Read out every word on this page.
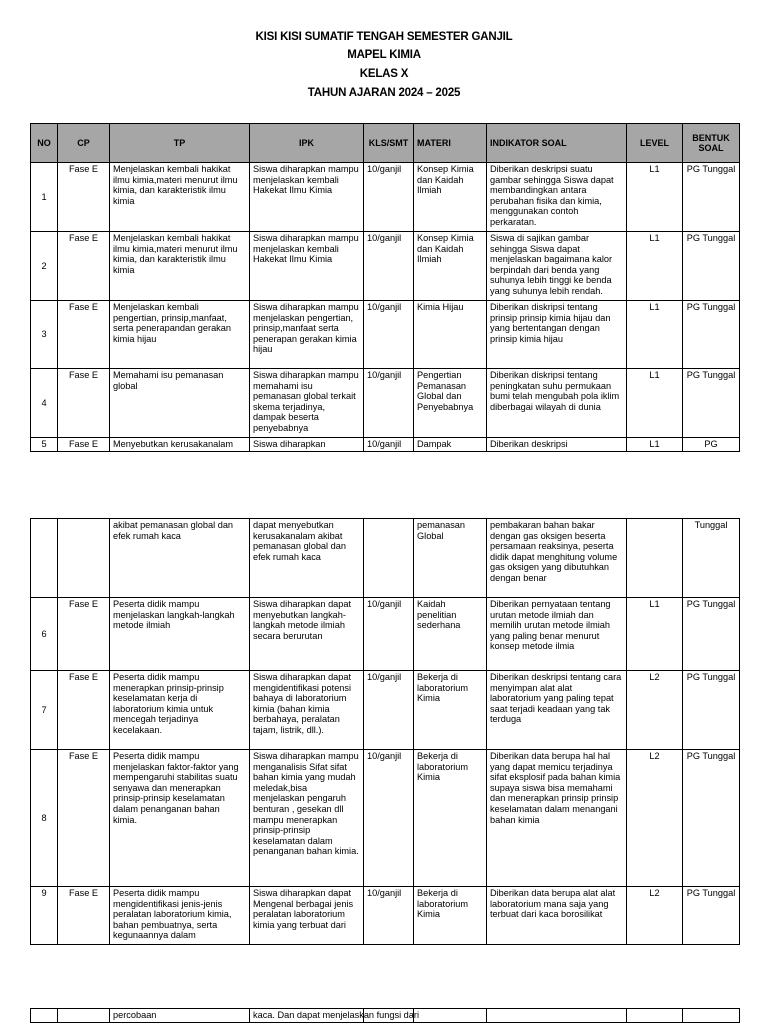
KISI KISI SUMATIF TENGAH SEMESTER GANJIL
MAPEL KIMIA
KELAS X
TAHUN AJARAN 2024 – 2025
NO	CP	TP	IPK	KLS/SMT	MATERI	INDIKATOR SOAL	LEVEL	BENTUK SOAL
1	Fase E	Menjelaskan kembali hakikat ilmu kimia,materi menurut ilmu kimia, dan karakteristik ilmu kimia	Siswa diharapkan mampu menjelaskan kembali Hakekat Ilmu Kimia	10/ganjil	Konsep Kimia dan Kaidah Ilmiah	Diberikan deskripsi suatu gambar sehingga Siswa dapat membandingkan antara perubahan fisika dan kimia, menggunakan contoh perkaratan.	L1	PG Tunggal
2	Fase E	Menjelaskan kembali hakikat ilmu kimia,materi menurut ilmu kimia, dan karakteristik ilmu kimia	Siswa diharapkan mampu menjelaskan kembali Hakekat Ilmu Kimia	10/ganjil	Konsep Kimia dan Kaidah Ilmiah	Siswa di sajikan gambar sehingga Siswa dapat menjelaskan bagaimana kalor berpindah dari benda yang suhunya lebih tinggi ke benda yang suhunya lebih rendah.	L1	PG Tunggal
3	Fase E	Menjelaskan kembali pengertian, prinsip,manfaat, serta penerapandan gerakan kimia hijau	Siswa diharapkan mampu menjelaskan pengertian, prinsip,manfaat serta penerapan gerakan kimia hijau	10/ganjil	Kimia Hijau	Diberikan diskripsi tentang prinsip prinsip kimia hijau dan yang bertentangan dengan prinsip kimia hijau	L1	PG Tunggal
4	Fase E	Memahami isu pemanasan global	Siswa diharapkan mampu memahami isu pemanasan global terkait skema terjadinya, dampak beserta penyebabnya	10/ganjil	Pengertian Pemanasan Global dan Penyebabnya	Diberikan diskripsi tentang peningkatan suhu permukaan bumi telah mengubah pola iklim diberbagai wilayah di dunia	L1	PG Tunggal
5	Fase E	Menyebutkan kerusakanalam	Siswa diharapkan	10/ganjil	Dampak	Diberikan deskripsi	L1	PG
		akibat pemanasan global dan efek rumah kaca	dapat menyebutkan kerusakanalam akibat pemanasan global dan efek rumah kaca		pemanasan Global	pembakaran bahan bakar dengan gas oksigen beserta persamaan reaksinya, peserta didik dapat menghitung volume gas oksigen yang dibutuhkan dengan benar		Tunggal
6	Fase E	Peserta didik mampu menjelaskan langkah-langkah metode ilmiah	Siswa diharapkan dapat menyebutkan langkah-langkah metode ilmiah secara berurutan	10/ganjil	Kaidah penelitian sederhana	Diberikan pernyataan tentang urutan metode ilmiah dan memilih urutan metode ilmiah yang paling benar menurut konsep metode ilmia	L1	PG Tunggal
7	Fase E	Peserta didik mampu menerapkan prinsip-prinsip keselamatan kerja di laboratorium kimia untuk mencegah terjadinya kecelakaan.	Siswa diharapkan dapat mengidentifikasi potensi bahaya di laboratorium kimia (bahan kimia berbahaya, peralatan tajam, listrik, dll.).	10/ganjil	Bekerja di laboratorium Kimia	Diberikan deskripsi tentang cara menyimpan alat alat laboratorium yang paling tepat saat terjadi keadaan yang tak terduga	L2	PG Tunggal
8	Fase E	Peserta didik mampu menjelaskan faktor-faktor yang mempengaruhi stabilitas suatu senyawa dan menerapkan prinsip-prinsip keselamatan dalam penanganan bahan kimia.	Siswa diharapkan mampu menganalisis Sifat sifat bahan kimia yang mudah meledak,bisa menjelaskan pengaruh benturan , gesekan dll mampu menerapkan prinsip-prinsip keselamatan dalam penanganan bahan kimia.	10/ganjil	Bekerja di laboratorium Kimia	Diberikan data berupa hal hal yang dapat memicu terjadinya sifat eksplosif pada bahan kimia supaya siswa bisa memahami dan menerapkan prinsip prinsip keselamatan dalam menangani bahan kimia	L2	PG Tunggal
9	Fase E	Peserta didik mampu mengidentifikasi jenis-jenis peralatan laboratorium kimia, bahan pembuatnya, serta kegunaannya dalam	Siswa diharapkan dapat Mengenal berbagai jenis peralatan laboratorium kimia yang terbuat dari	10/ganjil	Bekerja di laboratorium Kimia	Diberikan data berupa alat alat laboratorium mana saja yang terbuat dari kaca borosilikat	L2	PG Tunggal
		percobaan	kaca. Dan dapat menjelaskan fungsi dari					
